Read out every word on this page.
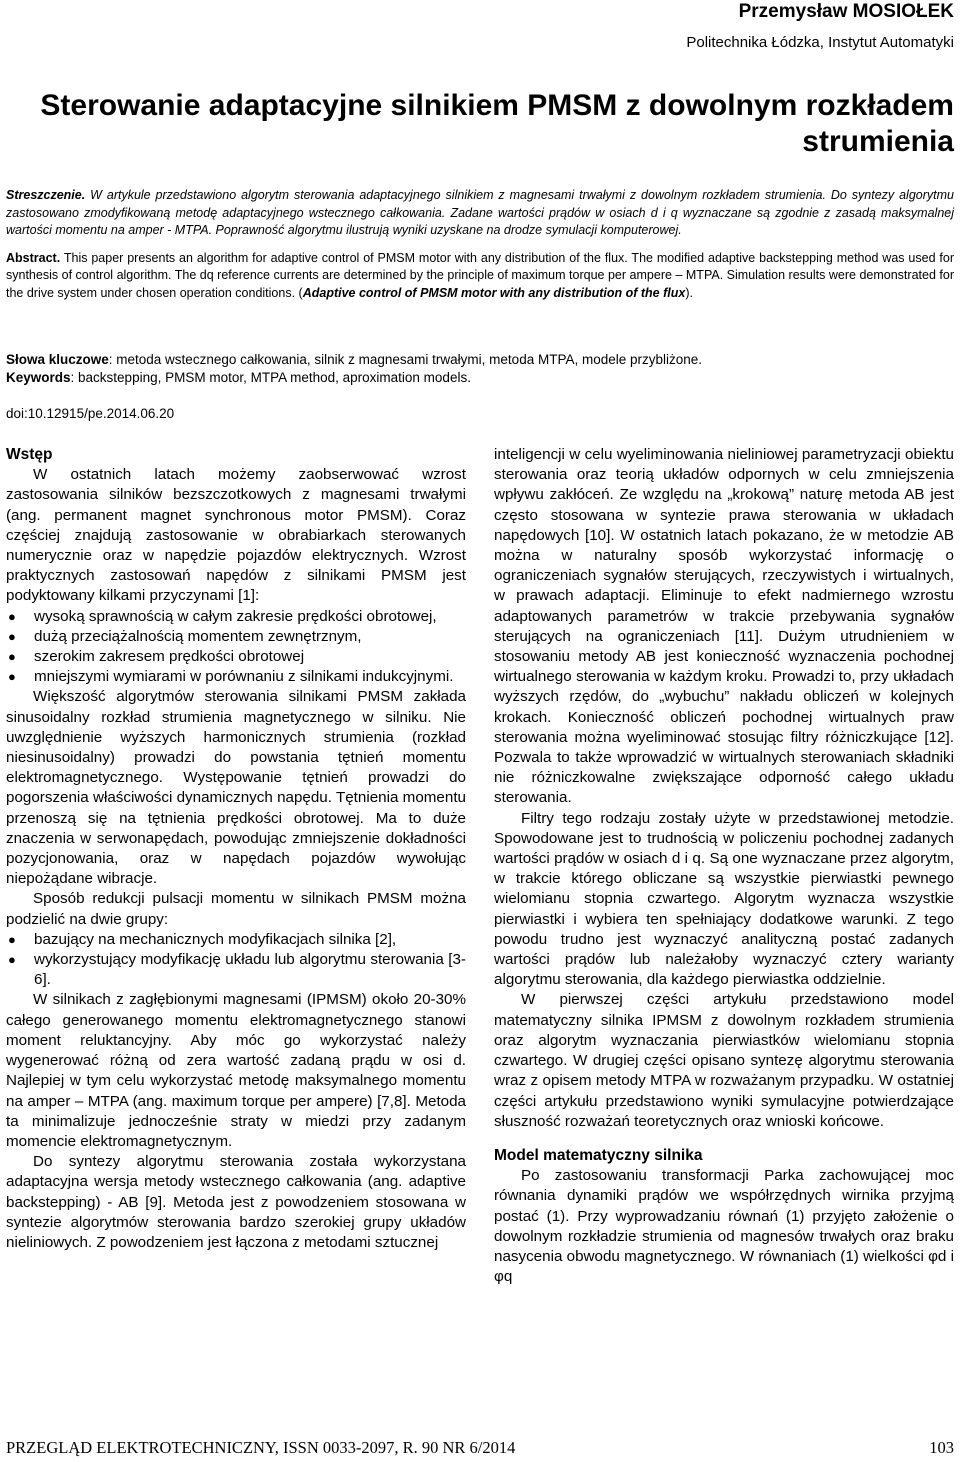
Przemysław MOSIOŁEK
Politechnika Łódzka, Instytut Automatyki
Sterowanie adaptacyjne silnikiem PMSM z dowolnym rozkładem strumienia

Streszczenie. W artykule przedstawiono algorytm sterowania adaptacyjnego silnikiem z magnesami trwałymi z dowolnym rozkładem strumienia. Do syntezy algorytmu zastosowano zmodyfikowaną metodę adaptacyjnego wstecznego całkowania. Zadane wartości prądów w osiach d i q wyznaczane są zgodnie z zasadą maksymalnej wartości momentu na amper - MTPA. Poprawność algorytmu ilustrują wyniki uzyskane na drodze symulacji komputerowej.

Abstract. This paper presents an algorithm for adaptive control of PMSM motor with any distribution of the flux. The modified adaptive backstepping method was used for synthesis of control algorithm. The dq reference currents are determined by the principle of maximum torque per ampere – MTPA. Simulation results were demonstrated for the drive system under chosen operation conditions. (Adaptive control of PMSM motor with any distribution of the flux).

Słowa kluczowe: metoda wstecznego całkowania, silnik z magnesami trwałymi, metoda MTPA, modele przybliżone.

Keywords: backstepping, PMSM motor, MTPA method, aproximation models.

doi:10.12915/pe.2014.06.20

Wstęp

W ostatnich latach możemy zaobserwować wzrost zastosowania silników bezszczotkowych z magnesami trwałymi (ang. permanent magnet synchronous motor PMSM). Coraz częściej znajdują zastosowanie w obrabiarkach sterowanych numerycznie oraz w napędzie pojazdów elektrycznych. Wzrost praktycznych zastosowań napędów z silnikami PMSM jest podyktowany kilkami przyczynami [1]:

● wysoką sprawnością w całym zakresie prędkości obrotowej,

● dużą przeciążalnością momentem zewnętrznym,

● szerokim zakresem prędkości obrotowej

● mniejszymi wymiarami w porównaniu z silnikami indukcyjnymi.

Większość algorytmów sterowania silnikami PMSM zakłada sinusoidalny rozkład strumienia magnetycznego w silniku. Nie uwzględnienie wyższych harmonicznych strumienia (rozkład niesinusoidalny) prowadzi do powstania tętnień momentu elektromagnetycznego. Występowanie tętnień prowadzi do pogorszenia właściwości dynamicznych napędu. Tętnienia momentu przenoszą się na tętnienia prędkości obrotowej. Ma to duże znaczenia w serwonapędach, powodując zmniejszenie dokładności pozycjonowania, oraz w napędach pojazdów wywołując niepożądane wibracje.

Sposób redukcji pulsacji momentu w silnikach PMSM można podzielić na dwie grupy:

● bazujący na mechanicznych modyfikacjach silnika [2],

● wykorzystujący modyfikację układu lub algorytmu sterowania [3-6].

W silnikach z zagłębionymi magnesami (IPMSM) około 20-30% całego generowanego momentu elektromagnetycznego stanowi moment reluktancyjny. Aby móc go wykorzystać należy wygenerować różną od zera wartość zadaną prądu w osi d. Najlepiej w tym celu wykorzystać metodę maksymalnego momentu na amper – MTPA (ang. maximum torque per ampere) [7,8]. Metoda ta minimalizuje jednocześnie straty w miedzi przy zadanym momencie elektromagnetycznym.

Do syntezy algorytmu sterowania została wykorzystana adaptacyjna wersja metody wstecznego całkowania (ang. adaptive backstepping) - AB [9]. Metoda jest z powodzeniem stosowana w syntezie algorytmów sterowania bardzo szerokiej grupy układów nieliniowych. Z powodzeniem jest łączona z metodami sztucznej

inteligencji w celu wyeliminowania nieliniowej parametryzacji obiektu sterowania oraz teorią układów odpornych w celu zmniejszenia wpływu zakłóceń. Ze względu na „krokową” naturę metoda AB jest często stosowana w syntezie prawa sterowania w układach napędowych [10]. W ostatnich latach pokazano, że w metodzie AB można w naturalny sposób wykorzystać informację o ograniczeniach sygnałów sterujących, rzeczywistych i wirtualnych, w prawach adaptacji. Eliminuje to efekt nadmiernego wzrostu adaptowanych parametrów w trakcie przebywania sygnałów sterujących na ograniczeniach [11]. Dużym utrudnieniem w stosowaniu metody AB jest konieczność wyznaczenia pochodnej wirtualnego sterowania w każdym kroku. Prowadzi to, przy układach wyższych rzędów, do „wybuchu” nakładu obliczeń w kolejnych krokach. Konieczność obliczeń pochodnej wirtualnych praw sterowania można wyeliminować stosując filtry różniczkujące [12]. Pozwala to także wprowadzić w wirtualnych sterowaniach składniki nie różniczkowalne zwiększające odporność całego układu sterowania.

Filtry tego rodzaju zostały użyte w przedstawionej metodzie. Spowodowane jest to trudnością w policzeniu pochodnej zadanych wartości prądów w osiach d i q. Są one wyznaczane przez algorytm, w trakcie którego obliczane są wszystkie pierwiastki pewnego wielomianu stopnia czwartego. Algorytm wyznacza wszystkie pierwiastki i wybiera ten spełniający dodatkowe warunki. Z tego powodu trudno jest wyznaczyć analityczną postać zadanych wartości prądów lub należałoby wyznaczyć cztery warianty algorytmu sterowania, dla każdego pierwiastka oddzielnie.

W pierwszej części artykułu przedstawiono model matematyczny silnika IPMSM z dowolnym rozkładem strumienia oraz algorytm wyznaczania pierwiastków wielomianu stopnia czwartego. W drugiej części opisano syntezę algorytmu sterowania wraz z opisem metody MTPA w rozważanym przypadku. W ostatniej części artykułu przedstawiono wyniki symulacyjne potwierdzające słuszność rozważań teoretycznych oraz wnioski końcowe.

Model matematyczny silnika

Po zastosowaniu transformacji Parka zachowującej moc równania dynamiki prądów we współrzędnych wirnika przyjmą postać (1). Przy wyprowadzaniu równań (1) przyjęto założenie o dowolnym rozkładzie strumienia od magnesów trwałych oraz braku nasycenia obwodu magnetycznego. W równaniach (1) wielkości φd i φq

PRZEGLĄD ELEKTROTECHNICZNY, ISSN 0033-2097, R. 90 NR 6/2014	103
